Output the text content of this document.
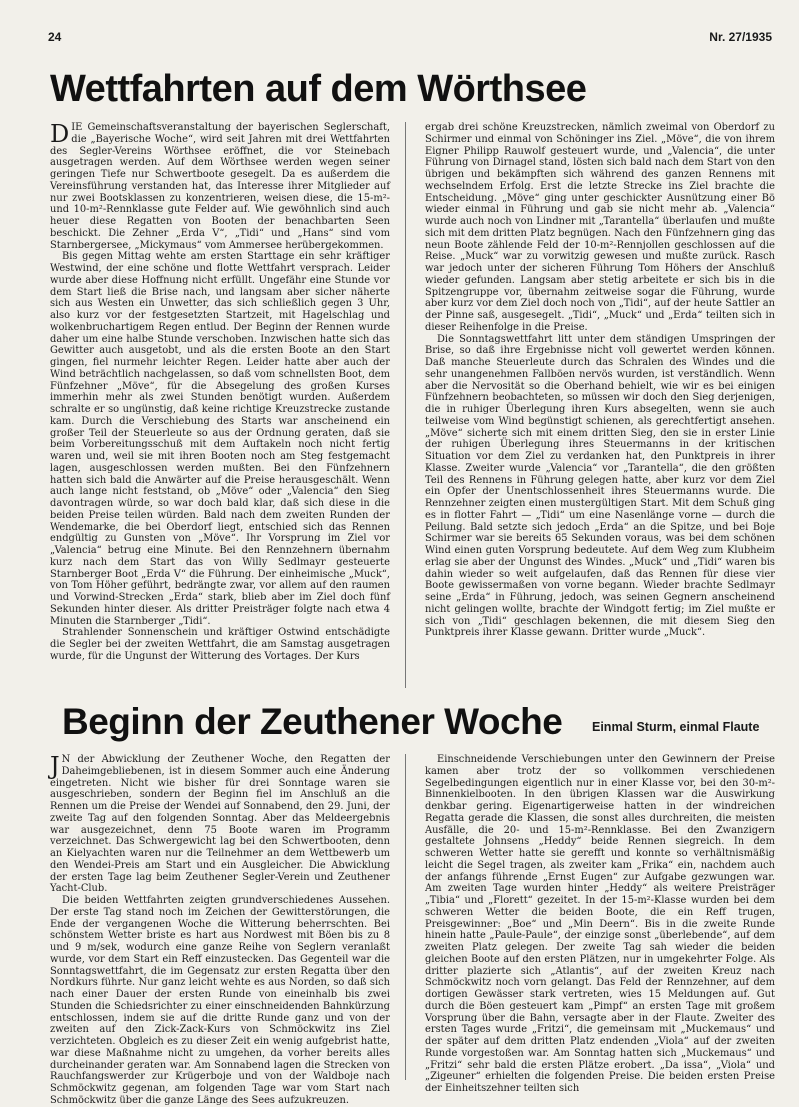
24	Nr. 27/1935
Wettfahrten auf dem Wörthsee

DIE Gemeinschaftsveranstaltung der bayerischen Seglerschaft, die „Bayerische Woche“, wird seit Jahren mit drei Wettfahrten des Segler-Vereins Wörthsee eröffnet, die vor Steinebach ausgetragen werden. Auf dem Wörthsee werden wegen seiner geringen Tiefe nur Schwertboote gesegelt. Da es außerdem die Vereinsführung verstanden hat, das Interesse ihrer Mitglieder auf nur zwei Bootsklassen zu konzentrieren, weisen diese, die 15-m²- und 10-m²-Rennklasse gute Felder auf. Wie gewöhnlich sind auch heuer diese Regatten von Booten der benachbarten Seen beschickt. Die Zehner „Erda V“, „Tidi“ und „Hans“ sind vom Starnbergersee, „Mickymaus“ vom Ammersee herübergekommen.

Bis gegen Mittag wehte am ersten Starttage ein sehr kräftiger Westwind, der eine schöne und flotte Wettfahrt versprach. Leider wurde aber diese Hoffnung nicht erfüllt. Ungefähr eine Stunde vor dem Start ließ die Brise nach, und langsam aber sicher näherte sich aus Westen ein Unwetter, das sich schließlich gegen 3 Uhr, also kurz vor der festgesetzten Startzeit, mit Hagelschlag und wolkenbruchartigem Regen entlud. Der Beginn der Rennen wurde daher um eine halbe Stunde verschoben. Inzwischen hatte sich das Gewitter auch ausgetobt, und als die ersten Boote an den Start gingen, fiel nurmehr leichter Regen. Leider hatte aber auch der Wind beträchtlich nachgelassen, so daß vom schnellsten Boot, dem Fünfzehner „Möve“, für die Absegelung des großen Kurses immerhin mehr als zwei Stunden benötigt wurden. Außerdem schralte er so ungünstig, daß keine richtige Kreuzstrecke zustande kam. Durch die Verschiebung des Starts war anscheinend ein großer Teil der Steuerleute so aus der Ordnung geraten, daß sie beim Vorbereitungsschuß mit dem Auftakeln noch nicht fertig waren und, weil sie mit ihren Booten noch am Steg festgemacht lagen, ausgeschlossen werden mußten. Bei den Fünfzehnern hatten sich bald die Anwärter auf die Preise herausgeschält. Wenn auch lange nicht feststand, ob „Möve“ oder „Valencia“ den Sieg davontragen würde, so war doch bald klar, daß sich diese in die beiden Preise teilen würden. Bald nach dem zweiten Runden der Wendemarke, die bei Oberdorf liegt, entschied sich das Rennen endgültig zu Gunsten von „Möve“. Ihr Vorsprung im Ziel vor „Valencia“ betrug eine Minute. Bei den Rennzehnern übernahm kurz nach dem Start das von Willy Sedlmayr gesteuerte Starnberger Boot „Erda V“ die Führung. Der einheimische „Muck“, von Tom Höher geführt, bedrängte zwar, vor allem auf den raumen und Vorwind-Strecken „Erda“ stark, blieb aber im Ziel doch fünf Sekunden hinter dieser. Als dritter Preisträger folgte nach etwa 4 Minuten die Starnberger „Tidi“.

Strahlender Sonnenschein und kräftiger Ostwind entschädigte die Segler bei der zweiten Wettfahrt, die am Samstag ausgetragen wurde, für die Ungunst der Witterung des Vortages. Der Kurs

ergab drei schöne Kreuzstrecken, nämlich zweimal von Oberdorf zu Schirmer und einmal von Schöninger ins Ziel. „Möve“, die von ihrem Eigner Philipp Rauwolf gesteuert wurde, und „Valencia“, die unter Führung von Dirnagel stand, lösten sich bald nach dem Start von den übrigen und bekämpften sich während des ganzen Rennens mit wechselndem Erfolg. Erst die letzte Strecke ins Ziel brachte die Entscheidung. „Möve“ ging unter geschickter Ausnützung einer Bö wieder einmal in Führung und gab sie nicht mehr ab. „Valencia“ wurde auch noch von Lindner mit „Tarantella“ überlaufen und mußte sich mit dem dritten Platz begnügen. Nach den Fünfzehnern ging das neun Boote zählende Feld der 10-m²-Rennjollen geschlossen auf die Reise. „Muck“ war zu vorwitzig gewesen und mußte zurück. Rasch war jedoch unter der sicheren Führung Tom Höhers der Anschluß wieder gefunden. Langsam aber stetig arbeitete er sich bis in die Spitzengruppe vor, übernahm zeitweise sogar die Führung, wurde aber kurz vor dem Ziel doch noch von „Tidi“, auf der heute Sattler an der Pinne saß, ausgesegelt. „Tidi“, „Muck“ und „Erda“ teilten sich in dieser Reihenfolge in die Preise.

Die Sonntagswettfahrt litt unter dem ständigen Umspringen der Brise, so daß ihre Ergebnisse nicht voll gewertet werden können. Daß manche Steuerleute durch das Schralen des Windes und die sehr unangenehmen Fallböen nervös wurden, ist verständlich. Wenn aber die Nervosität so die Oberhand behielt, wie wir es bei einigen Fünfzehnern beobachteten, so müssen wir doch den Sieg derjenigen, die in ruhiger Überlegung ihren Kurs absegelten, wenn sie auch teilweise vom Wind begünstigt schienen, als gerechtfertigt ansehen. „Möve“ sicherte sich mit einem dritten Sieg, den sie in erster Linie der ruhigen Überlegung ihres Steuermanns in der kritischen Situation vor dem Ziel zu verdanken hat, den Punktpreis in ihrer Klasse. Zweiter wurde „Valencia“ vor „Tarantella“, die den größten Teil des Rennens in Führung gelegen hatte, aber kurz vor dem Ziel ein Opfer der Unentschlossenheit ihres Steuermanns wurde. Die Rennzehner zeigten einen mustergültigen Start. Mit dem Schuß ging es in flotter Fahrt — „Tidi“ um eine Nasenlänge vorne — durch die Peilung. Bald setzte sich jedoch „Erda“ an die Spitze, und bei Boje Schirmer war sie bereits 65 Sekunden voraus, was bei dem schönen Wind einen guten Vorsprung bedeutete. Auf dem Weg zum Klubheim erlag sie aber der Ungunst des Windes. „Muck“ und „Tidi“ waren bis dahin wieder so weit aufgelaufen, daß das Rennen für diese vier Boote gewissermaßen von vorne begann. Wieder brachte Sedlmayr seine „Erda“ in Führung, jedoch, was seinen Gegnern anscheinend nicht gelingen wollte, brachte der Windgott fertig; im Ziel mußte er sich von „Tidi“ geschlagen bekennen, die mit diesem Sieg den Punktpreis ihrer Klasse gewann. Dritter wurde „Muck“.

Beginn der Zeuthener Woche Einmal Sturm, einmal Flaute

J N der Abwicklung der Zeuthener Woche, den Regatten der Daheimgebliebenen, ist in diesem Sommer auch eine Änderung eingetreten. Nicht wie bisher für drei Sonntage waren sie ausgeschrieben, sondern der Beginn fiel im Anschluß an die Rennen um die Preise der Wendei auf Sonnabend, den 29. Juni, der zweite Tag auf den folgenden Sonntag. Aber das Meldeergebnis war ausgezeichnet, denn 75 Boote waren im Programm verzeichnet. Das Schwergewicht lag bei den Schwertbooten, denn an Kielyachten waren nur die Teilnehmer an dem Wettbewerb um den Wendei-Preis am Start und ein Ausgleicher. Die Abwicklung der ersten Tage lag beim Zeuthener Segler-Verein und Zeuthener Yacht-Club.

Die beiden Wettfahrten zeigten grundverschiedenes Aussehen. Der erste Tag stand noch im Zeichen der Gewitterstörungen, die Ende der vergangenen Woche die Witterung beherrschten. Bei schönstem Wetter briste es hart aus Nordwest mit Böen bis zu 8 und 9 m/sek, wodurch eine ganze Reihe von Seglern veranlaßt wurde, vor dem Start ein Reff einzustecken. Das Gegenteil war die Sonntagswettfahrt, die im Gegensatz zur ersten Regatta über den Nordkurs führte. Nur ganz leicht wehte es aus Norden, so daß sich nach einer Dauer der ersten Runde von eineinhalb bis zwei Stunden die Schiedsrichter zu einer einschneidenden Bahnkürzung entschlossen, indem sie auf die dritte Runde ganz und von der zweiten auf den Zick-Zack-Kurs von Schmöckwitz ins Ziel verzichteten. Obgleich es zu dieser Zeit ein wenig aufgebrist hatte, war diese Maßnahme nicht zu umgehen, da vorher bereits alles durcheinander geraten war. Am Sonnabend lagen die Strecken von Rauchfangswerder zur Krügerboje und von der Waldboje nach Schmöckwitz gegenan, am folgenden Tage war vom Start nach Schmöckwitz über die ganze Länge des Sees aufzukreuzen.

Einschneidende Verschiebungen unter den Gewinnern der Preise kamen aber trotz der so vollkommen verschiedenen Segelbedingungen eigentlich nur in einer Klasse vor, bei den 30-m²-Binnenkielbooten. In den übrigen Klassen war die Auswirkung denkbar gering. Eigenartigerweise hatten in der windreichen Regatta gerade die Klassen, die sonst alles durchreiten, die meisten Ausfälle, die 20- und 15-m²-Rennklasse. Bei den Zwanzigern gestaltete Johnsens „Heddy“ beide Rennen siegreich. In dem schweren Wetter hatte sie gerefft und konnte so verhältnismäßig leicht die Segel tragen, als zweiter kam „Frika“ ein, nachdem auch der anfangs führende „Ernst Eugen“ zur Aufgabe gezwungen war. Am zweiten Tage wurden hinter „Heddy“ als weitere Preisträger „Tibia“ und „Florett“ gezeitet. In der 15-m²-Klasse wurden bei dem schweren Wetter die beiden Boote, die ein Reff trugen, Preisgewinner: „Boe“ und „Min Deern“. Bis in die zweite Runde hinein hatte „Paule-Paule“, der einzige sonst „überlebende“, auf dem zweiten Platz gelegen. Der zweite Tag sah wieder die beiden gleichen Boote auf den ersten Plätzen, nur in umgekehrter Folge. Als dritter plazierte sich „Atlantis“, auf der zweiten Kreuz nach Schmöckwitz noch vorn gelangt. Das Feld der Rennzehner, auf dem dortigen Gewässer stark vertreten, wies 15 Meldungen auf. Gut durch die Böen gesteuert kam „Pimpf“ an ersten Tage mit großem Vorsprung über die Bahn, versagte aber in der Flaute. Zweiter des ersten Tages wurde „Fritzi“, die gemeinsam mit „Muckemaus“ und der später auf dem dritten Platz endenden „Viola“ auf der zweiten Runde vorgestoßen war. Am Sonntag hatten sich „Muckemaus“ und „Fritzi“ sehr bald die ersten Plätze erobert. „Da issa“, „Viola“ und „Zigeuner“ erhielten die folgenden Preise. Die beiden ersten Preise der Einheitszehner teilten sich
